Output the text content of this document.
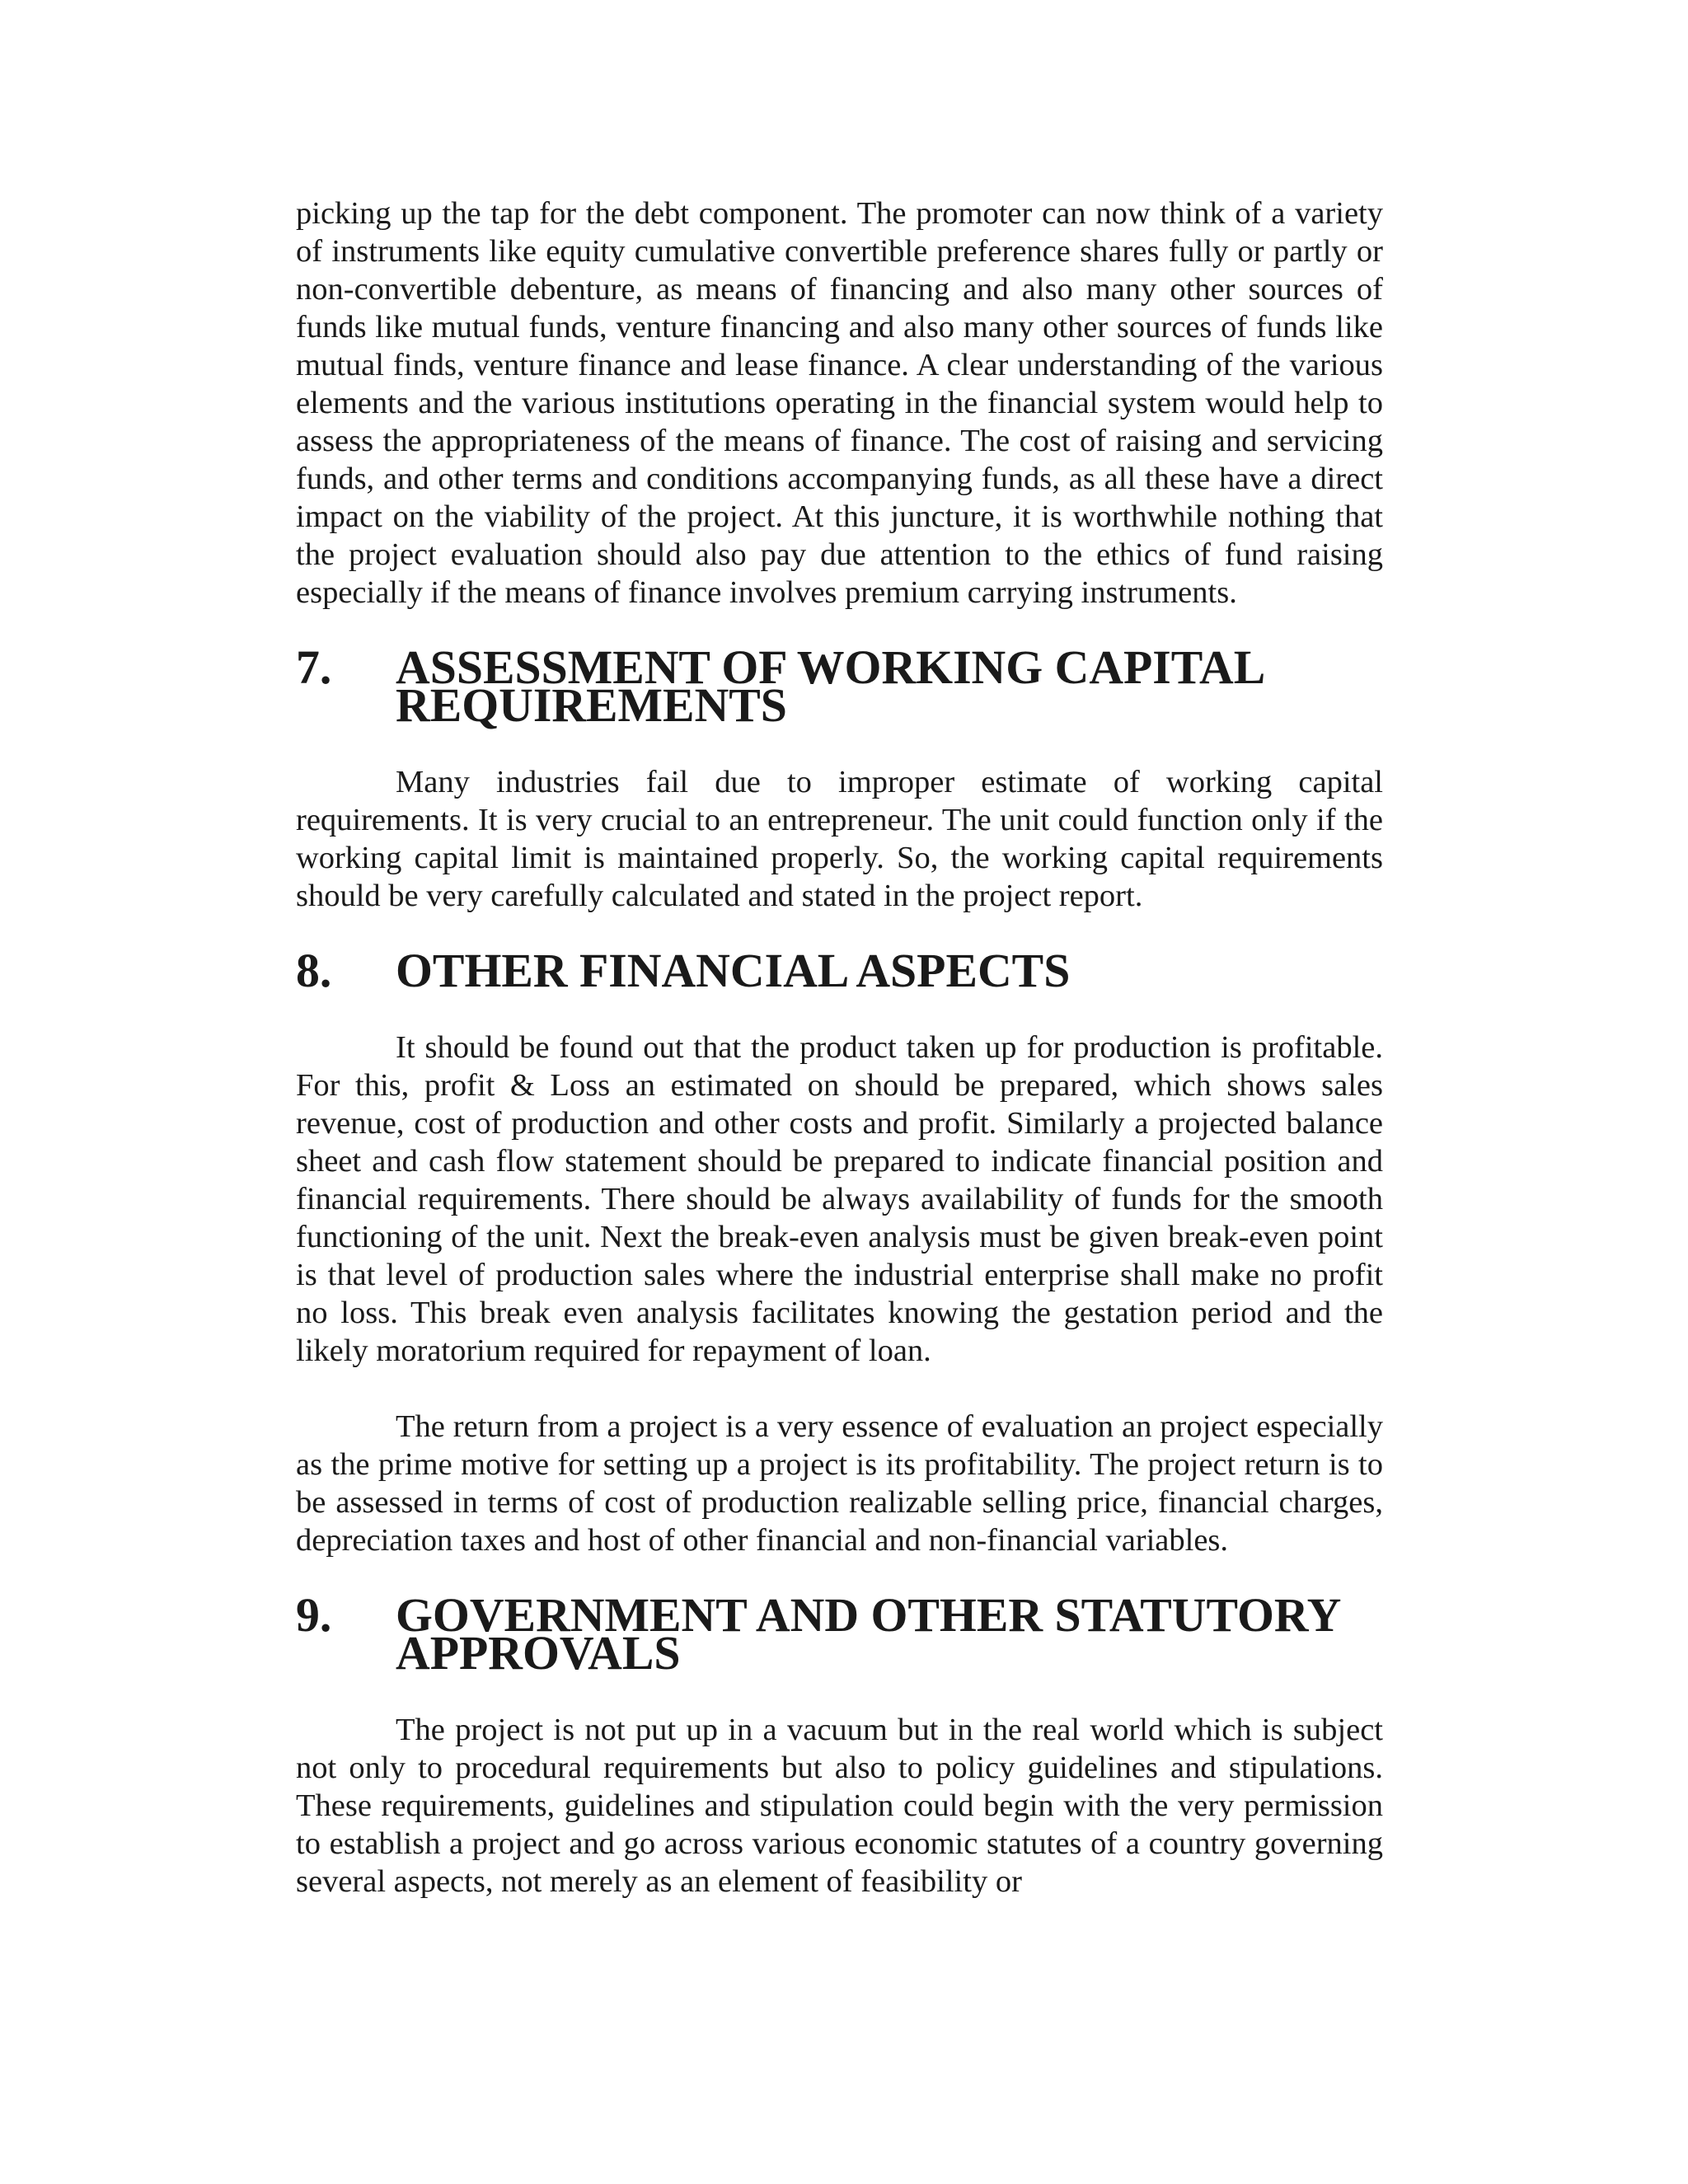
picking up the tap for the debt component. The promoter can now think of a variety of instruments like equity cumulative convertible preference shares fully or partly or non-convertible debenture, as means of financing and also many other sources of funds like mutual funds, venture financing and also many other sources of funds like mutual finds, venture finance and lease finance. A clear understanding of the various elements and the various institutions operating in the financial system would help to assess the appropriateness of the means of finance. The cost of raising and servicing funds, and other terms and conditions accompanying funds, as all these have a direct impact on the viability of the project. At this juncture, it is worthwhile nothing that the project evaluation should also pay due attention to the ethics of fund raising especially if the means of finance involves premium carrying instruments.

7.	ASSESSMENT OF WORKING CAPITAL REQUIREMENTS

Many industries fail due to improper estimate of working capital requirements. It is very crucial to an entrepreneur. The unit could function only if the working capital limit is maintained properly. So, the working capital requirements should be very carefully calculated and stated in the project report.

8.	OTHER FINANCIAL ASPECTS

It should be found out that the product taken up for production is profitable. For this, profit & Loss an estimated on should be prepared, which shows sales revenue, cost of production and other costs and profit. Similarly a projected balance sheet and cash flow statement should be prepared to indicate financial position and financial requirements. There should be always availability of funds for the smooth functioning of the unit. Next the break-even analysis must be given break-even point is that level of production sales where the industrial enterprise shall make no profit no loss. This break even analysis facilitates knowing the gestation period and the likely moratorium required for repayment of loan.

The return from a project is a very essence of evaluation an project especially as the prime motive for setting up a project is its profitability. The project return is to be assessed in terms of cost of production realizable selling price, financial charges, depreciation taxes and host of other financial and non-financial variables.

9.	GOVERNMENT AND OTHER STATUTORY APPROVALS

The project is not put up in a vacuum but in the real world which is subject not only to procedural requirements but also to policy guidelines and stipulations. These requirements, guidelines and stipulation could begin with the very permission to establish a project and go across various economic statutes of a country governing several aspects, not merely as an element of feasibility or
